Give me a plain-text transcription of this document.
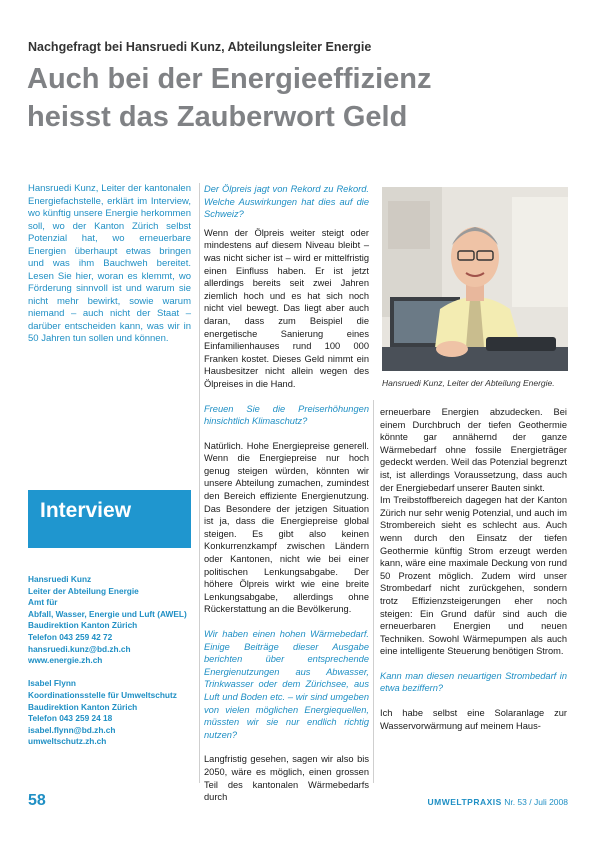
Nachgefragt bei Hansruedi Kunz, Abteilungsleiter Energie
Auch bei der Energieeffizienz
heisst das Zauberwort Geld
Hansruedi Kunz, Leiter der kantonalen Energiefachstelle, erklärt im Interview, wo künftig unsere Energie herkommen soll, wo der Kanton Zürich selbst Potenzial hat, wo erneuerbare Energien überhaupt etwas bringen und was ihm Bauchweh bereitet. Lesen Sie hier, woran es klemmt, wo Förderung sinnvoll ist und warum sie nicht mehr bewirkt, sowie warum niemand – auch nicht der Staat – darüber entscheiden kann, was wir in 50 Jahren tun sollen und können.
Interview
Hansruedi Kunz
Leiter der Abteilung Energie
Amt für
Abfall, Wasser, Energie und Luft (AWEL)
Baudirektion Kanton Zürich
Telefon 043 259 42 72
hansruedi.kunz@bd.zh.ch
www.energie.zh.ch
Isabel Flynn
Koordinationsstelle für Umweltschutz
Baudirektion Kanton Zürich
Telefon 043 259 24 18
isabel.flynn@bd.zh.ch
umweltschutz.zh.ch

Der Ölpreis jagt von Rekord zu Rekord. Welche Auswirkungen hat dies auf die Schweiz?

Wenn der Ölpreis weiter steigt oder mindestens auf diesem Niveau bleibt – was nicht sicher ist – wird er mittelfristig einen Einfluss haben. Er ist jetzt allerdings bereits seit zwei Jahren ziemlich hoch und es hat sich noch nicht viel bewegt. Das liegt aber auch daran, dass zum Beispiel die energetische Sanierung eines Einfamilienhauses rund 100 000 Franken kostet. Dieses Geld nimmt ein Hausbesitzer nicht allein wegen des Ölpreises in die Hand.

Freuen Sie die Preiserhöhungen hinsichtlich Klimaschutz?

Natürlich. Hohe Energiepreise generell. Wenn die Energiepreise nur hoch genug steigen würden, könnten wir unsere Abteilung zumachen, zumindest den Bereich effiziente Energienutzung. Das Besondere der jetzigen Situation ist ja, dass die Energiepreise global steigen. Es gibt also keinen Konkurrenzkampf zwischen Ländern oder Kantonen, nicht wie bei einer politischen Lenkungsabgabe. Der höhere Ölpreis wirkt wie eine breite Lenkungsabgabe, allerdings ohne Rückerstattung an die Bevölkerung.

Wir haben einen hohen Wärmebedarf. Einige Beiträge dieser Ausgabe berichten über entsprechende Energienutzungen aus Abwasser, Trinkwasser oder dem Zürichsee, aus Luft und Boden etc. – wir sind umgeben von vielen möglichen Energiequellen, müssten wir sie nur endlich richtig nutzen?

Langfristig gesehen, sagen wir also bis 2050, wäre es möglich, einen grossen Teil des kantonalen Wärmebedarfs durch

Hansruedi Kunz, Leiter der Abteilung Energie.

erneuerbare Energien abzudecken. Bei einem Durchbruch der tiefen Geothermie könnte gar annähernd der ganze Wärmebedarf ohne fossile Energieträger gedeckt werden. Weil das Potenzial begrenzt ist, ist allerdings Voraussetzung, dass auch der Energiebedarf unserer Bauten sinkt.

Im Treibstoffbereich dagegen hat der Kanton Zürich nur sehr wenig Potenzial, und auch im Strombereich sieht es schlecht aus. Auch wenn durch den Einsatz der tiefen Geothermie künftig Strom erzeugt werden kann, wäre eine maximale Deckung von rund 50 Prozent möglich. Zudem wird unser Strombedarf nicht zurückgehen, sondern trotz Effizienzsteigerungen eher noch steigen: Ein Grund dafür sind auch die erneuerbaren Energien und neuen Techniken. Sowohl Wärmepumpen als auch eine intelligente Steuerung benötigen Strom.

Kann man diesen neuartigen Strombedarf in etwa beziffern?

Ich habe selbst eine Solaranlage zur Wasservorwärmung auf meinem Haus-

58	UMWELTPRAXIS Nr. 53 / Juli 2008
